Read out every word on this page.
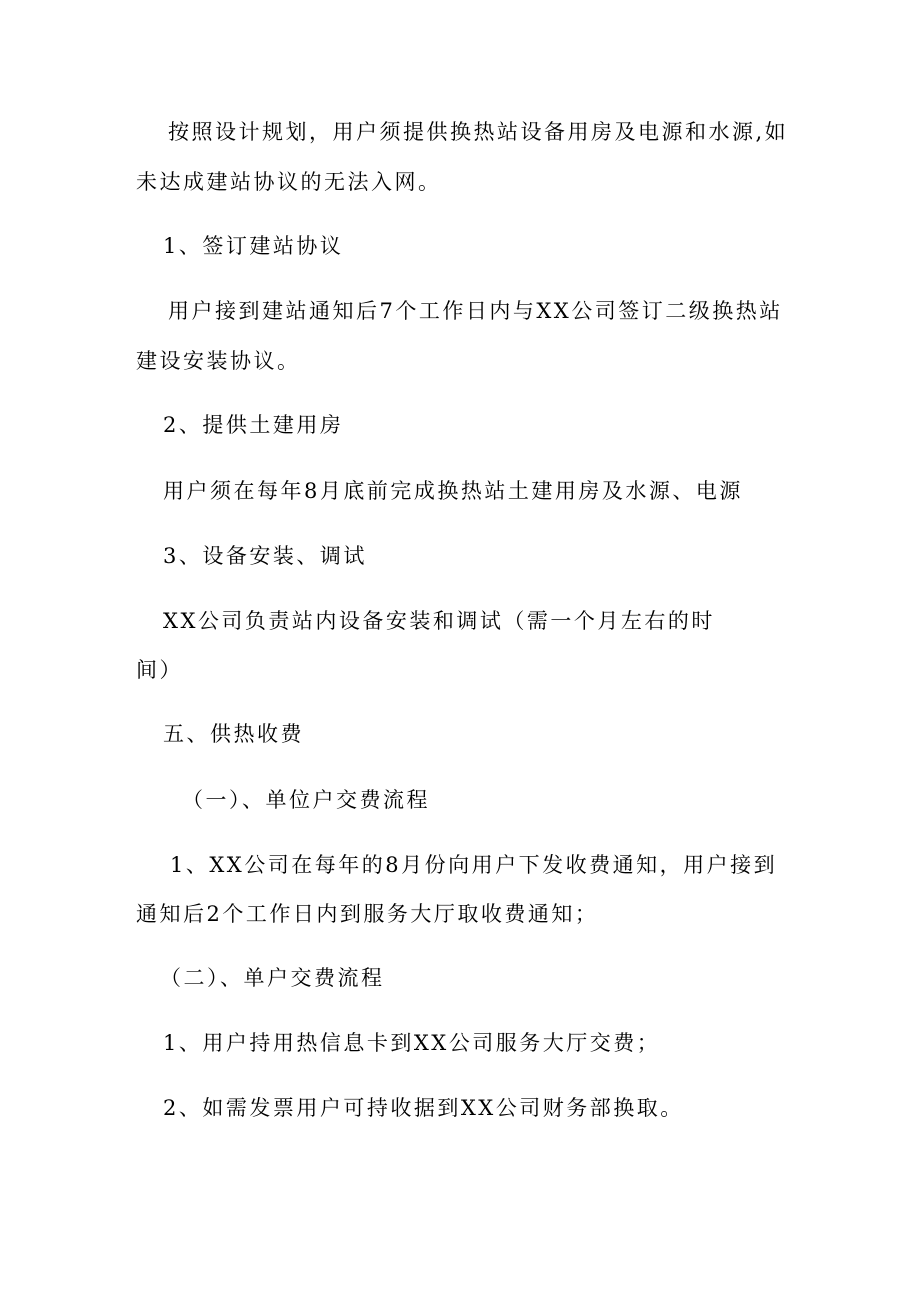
按照设计规划，用户须提供换热站设备用房及电源和水源,如

未达成建站协议的无法入网。

1、签订建站协议

用户接到建站通知后7个工作日内与XX公司签订二级换热站

建设安装协议。

2、提供土建用房

用户须在每年8月底前完成换热站土建用房及水源、电源

3、设备安装、调试

XX公司负责站内设备安装和调试（需一个月左右的时

间）

五、供热收费

（一）、单位户交费流程

1、XX公司在每年的8月份向用户下发收费通知，用户接到

通知后2个工作日内到服务大厅取收费通知；

（二）、单户交费流程

1、用户持用热信息卡到XX公司服务大厅交费；

2、如需发票用户可持收据到XX公司财务部换取。
